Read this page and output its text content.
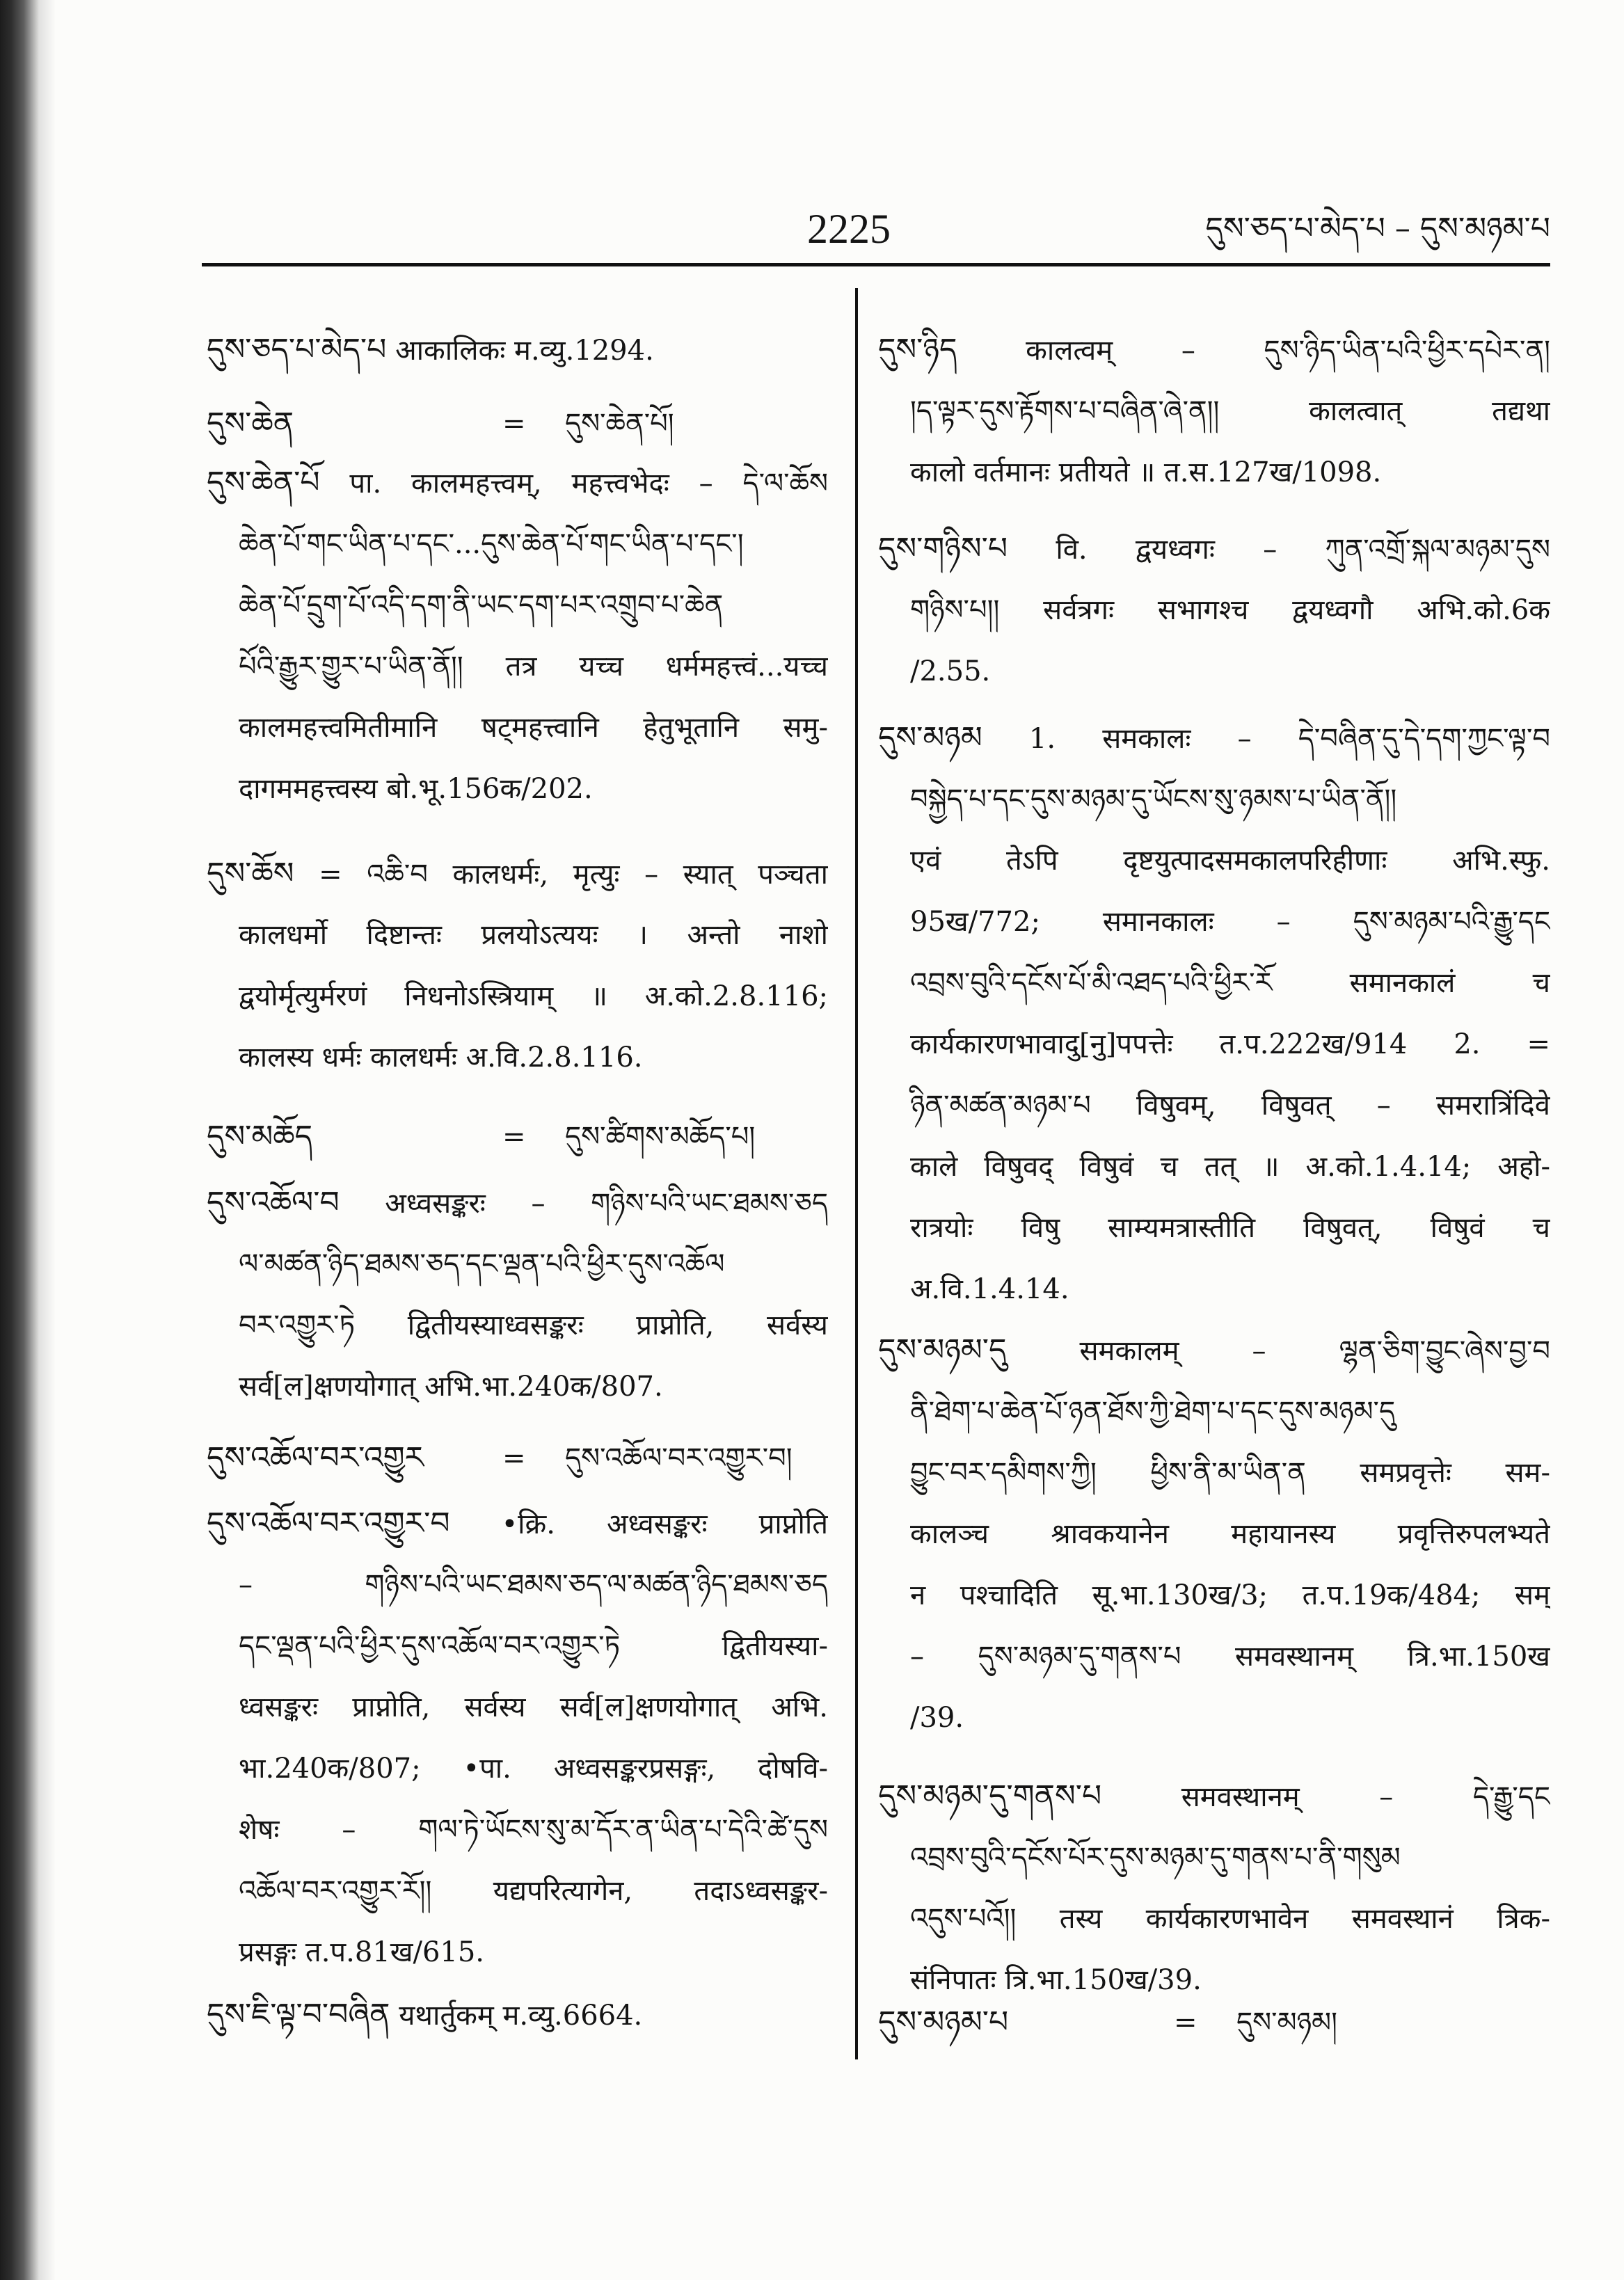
2225	དུས་ཅད་པ་མེད་པ – དུས་མཉམ་པ
དུས་ཅད་པ་མེད་པ आकालिकः म.व्यु.1294.
དུས་ཆེན	= དུས་ཆེན་པོ།
དུས་ཆེན་པོ पा. कालमहत्त्वम्, महत्त्वभेदः – དེ་ལ་ཆོས
ཆེན་པོ་གང་ཡིན་པ་དང་...དུས་ཆེན་པོ་གང་ཡིན་པ་དང་།
ཆེན་པོ་དྲུག་པོ་འདི་དག་ནི་ཡང་དག་པར་འགྲུབ་པ་ཆེན
པོའི་རྒྱུར་གྱུར་པ་ཡིན་ནོ།། तत्र यच्च धर्ममहत्त्वं...यच्च
कालमहत्त्वमितीमानि षट्महत्त्वानि हेतुभूतानि समु-
दागममहत्त्वस्य बो.भू.156क/202.
དུས་ཆོས = འཆི་བ कालधर्मः, मृत्युः – स्यात् पञ्चता
कालधर्मो दिष्टान्तः प्रलयोऽत्ययः । अन्तो नाशो
द्वयोर्मृत्युर्मरणं निधनोऽस्त्रियाम् ॥ अ.को.2.8.116;
कालस्य धर्मः कालधर्मः अ.वि.2.8.116.
དུས་མཆོད	= དུས་ཚིགས་མཆོད་པ།
དུས་འཆོལ་བ अध्वसङ्करः – གཉིས་པའི་ཡང་ཐམས་ཅད
ལ་མཚན་ཉིད་ཐམས་ཅད་དང་ལྡན་པའི་ཕྱིར་དུས་འཆོལ
བར་འགྱུར་ཏེ द्वितीयस्याध्वसङ्करः प्राप्नोति, सर्वस्य
सर्व[ल]क्षणयोगात् अभि.भा.240क/807.
དུས་འཆོལ་བར་འགྱུར	= དུས་འཆོལ་བར་འགྱུར་བ།
དུས་འཆོལ་བར་འགྱུར་བ •क्रि. अध्वसङ्करः प्राप्नोति
– གཉིས་པའི་ཡང་ཐམས་ཅད་ལ་མཚན་ཉིད་ཐམས་ཅད
དང་ལྡན་པའི་ཕྱིར་དུས་འཆོལ་བར་འགྱུར་ཏེ द्वितीयस्या-
ध्वसङ्करः प्राप्नोति, सर्वस्य सर्व[ल]क्षणयोगात् अभि.
भा.240क/807; •पा. अध्वसङ्करप्रसङ्गः, दोषवि-
शेषः – གལ་ཏེ་ཡོངས་སུ་མ་དོར་ན་ཡིན་པ་དེའི་ཚེ་དུས
འཆོལ་བར་འགྱུར་རོ།། यद्यपरित्यागेन, तदाऽध्वसङ्कर-
प्रसङ्गः त.प.81ख/615.
དུས་ཇི་ལྟ་བ་བཞིན यथार्तुकम् म.व्यु.6664.
དུས་ཉིད कालत्वम् – དུས་ཉིད་ཡིན་པའི་ཕྱིར་དཔེར་ན།
།ད་ལྟར་དུས་རྟོགས་པ་བཞིན་ཞེ་ན།། कालत्वात् तद्यथा
कालो वर्तमानः प्रतीयते ॥ त.स.127ख/1098.
དུས་གཉིས་པ वि. द्वयध्वगः – ཀུན་འགྲོ་སྐལ་མཉམ་དུས
གཉིས་པ།། सर्वत्रगः सभागश्च द्वयध्वगौ अभि.को.6क
/2.55.
དུས་མཉམ 1. समकालः – དེ་བཞིན་དུ་དེ་དག་ཀྱང་ལྟ་བ
བསྐྱེད་པ་དང་དུས་མཉམ་དུ་ཡོངས་སུ་ཉམས་པ་ཡིན་ནོ།།
एवं तेऽपि दृष्टयुत्पादसमकालपरिहीणाः अभि.स्फु.
95ख/772; समानकालः – དུས་མཉམ་པའི་རྒྱུ་དང
འབྲས་བུའི་དངོས་པོ་མི་འཐད་པའི་ཕྱིར་རོ समानकालं च
कार्यकारणभावादु[नु]पपत्तेः त.प.222ख/914 2. =
ཉིན་མཚན་མཉམ་པ विषुवम्, विषुवत् – समरात्रिंदिवे
काले विषुवद् विषुवं च तत् ॥ अ.को.1.4.14; अहो-
रात्रयोः विषु साम्यमत्रास्तीति विषुवत्, विषुवं च
अ.वि.1.4.14.
དུས་མཉམ་དུ	समकालम् – ལྷན་ཅིག་བྱུང་ཞེས་བྱ་བ
ནི་ཐེག་པ་ཆེན་པོ་ཉན་ཐོས་ཀྱི་ཐེག་པ་དང་དུས་མཉམ་དུ
བྱུང་བར་དམིགས་ཀྱི། ཕྱིས་ནི་མ་ཡིན་ན समप्रवृत्तेः सम-
कालञ्च श्रावकयानेन महायानस्य प्रवृत्तिरुपलभ्यते
न पश्चादिति सू.भा.130ख/3; त.प.19क/484; सम्
– དུས་མཉམ་དུ་གནས་པ समवस्थानम् त्रि.भा.150ख
/39.
དུས་མཉམ་དུ་གནས་པ	समवस्थानम् – དེ་རྒྱུ་དང
འབྲས་བུའི་དངོས་པོར་དུས་མཉམ་དུ་གནས་པ་ནི་གསུམ
འདུས་པའོ།། तस्य कार्यकारणभावेन समवस्थानं त्रिक-
संनिपातः त्रि.भा.150ख/39.
དུས་མཉམ་པ	= དུས་མཉམ།
